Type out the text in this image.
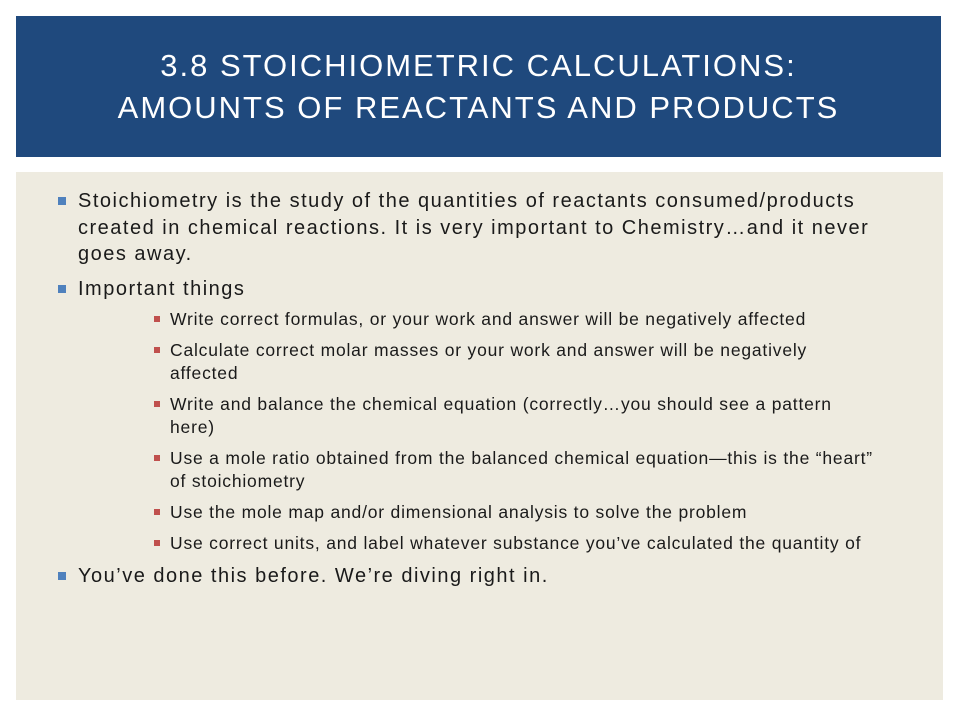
3.8 STOICHIOMETRIC CALCULATIONS:
AMOUNTS OF REACTANTS AND PRODUCTS
Stoichiometry is the study of the quantities of reactants consumed/products created in chemical reactions. It is very important to Chemistry…and it never goes away.
Important things
Write correct formulas, or your work and answer will be negatively affected
Calculate correct molar masses or your work and answer will be negatively affected
Write and balance the chemical equation (correctly…you should see a pattern here)
Use a mole ratio obtained from the balanced chemical equation—this is the “heart” of stoichiometry
Use the mole map and/or dimensional analysis to solve the problem
Use correct units, and label whatever substance you’ve calculated the quantity of
You’ve done this before. We’re diving right in.
